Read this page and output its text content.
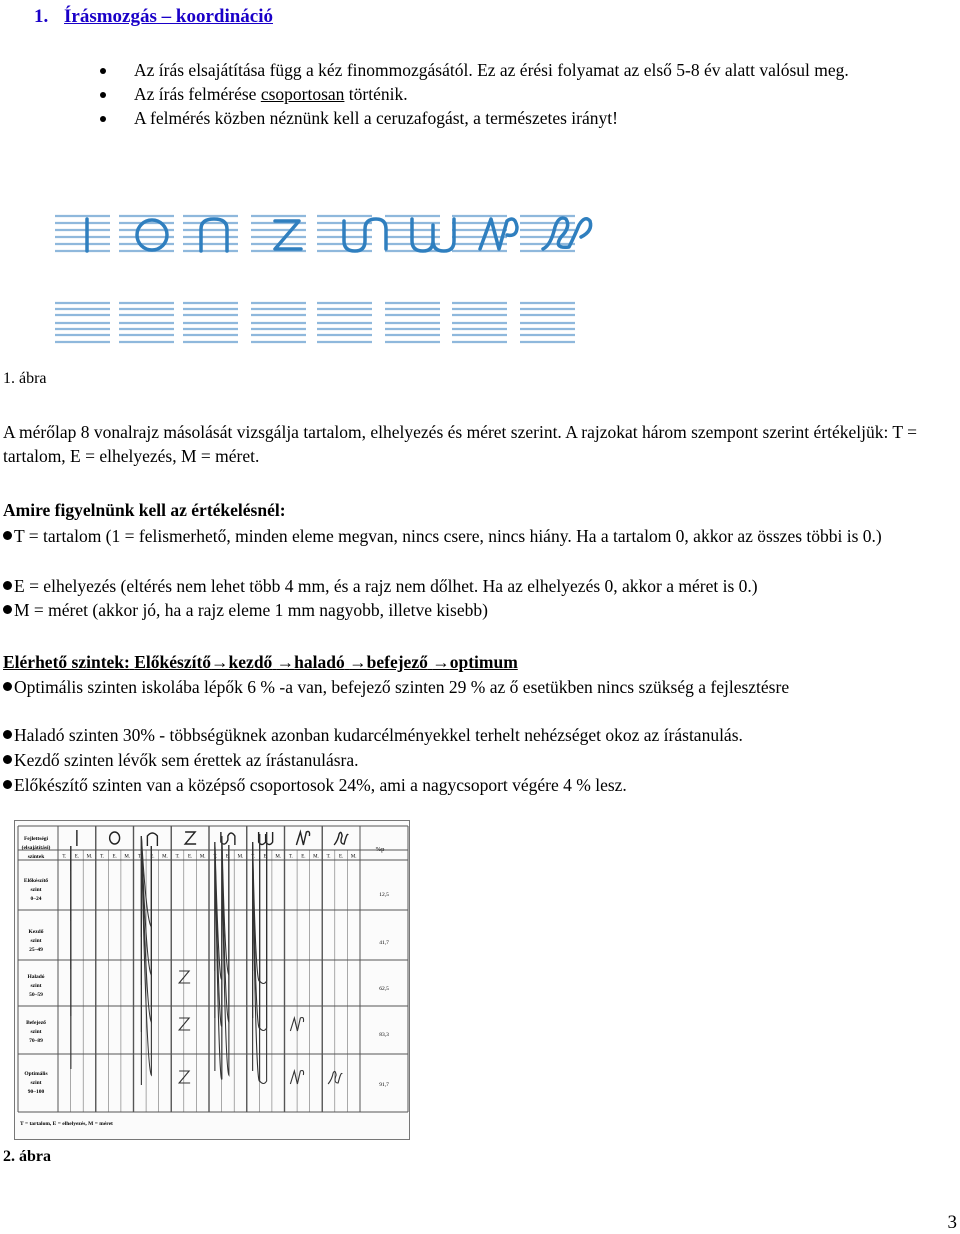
1. Írásmozgás – koordináció
Az írás elsajátítása függ a kéz finommozgásától. Ez az érési folyamat az első 5-8 év alatt valósul meg.
Az írás felmérése csoportosan történik.
A felmérés közben néznünk kell a ceruzafogást, a természetes irányt!
1. ábra
A mérőlap 8 vonalrajz másolását vizsgálja tartalom, elhelyezés és méret szerint. A rajzokat három szempont szerint értékeljük: T = tartalom, E = elhelyezés, M = méret.
Amire figyelnünk kell az értékelésnél:
T = tartalom (1 = felismerhető, minden eleme megvan, nincs csere, nincs hiány. Ha a tartalom 0, akkor az összes többi is 0.)
E = elhelyezés (eltérés nem lehet több 4 mm, és a rajz nem dőlhet. Ha az elhelyezés 0, akkor a méret is 0.)
M = méret (akkor jó, ha a rajz eleme 1 mm nagyobb, illetve kisebb)
Elérhető szintek: Előkészítő→kezdő →haladó →befejező →optimum
Optimális szinten iskolába lépők 6 % -a van, befejező szinten 29 % az ő esetükben nincs szükség a fejlesztésre
Haladó szinten 30% - többségüknek azonban kudarcélményekkel terhelt nehézséget okoz az írástanulás.
Kezdő szinten lévők sem érettek az írástanulásra.
Előkészítő szinten van a középső csoportosok 24%, ami a nagycsoport végére 4 % lesz.
Fejlettségi
(elsajátítási)
szintek
%p
T. E. M. T. E. M. T. E. M. T. E. M. T. E. M. T. E. M. T. E. M. T. E. M.
Előkészítő
szint
0–24
Kezdő
szint
25–49
Haladó
szint
50–59
Befejező
szint
70–89
Optimális
szint
90–100
12,5
41,7
62,5
83,3
91,7
T = tartalom, E = elhelyezés, M = méret
2. ábra
3
